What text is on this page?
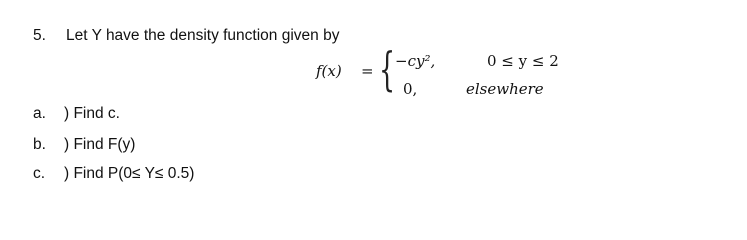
5. Let Y have the density function given by
f(x) = { −cy²,	0 ≤ y ≤ 2
0,	elsewhere
a. ) Find c.
b. ) Find F(y)
c. ) Find P(0≤ Y≤ 0.5)
